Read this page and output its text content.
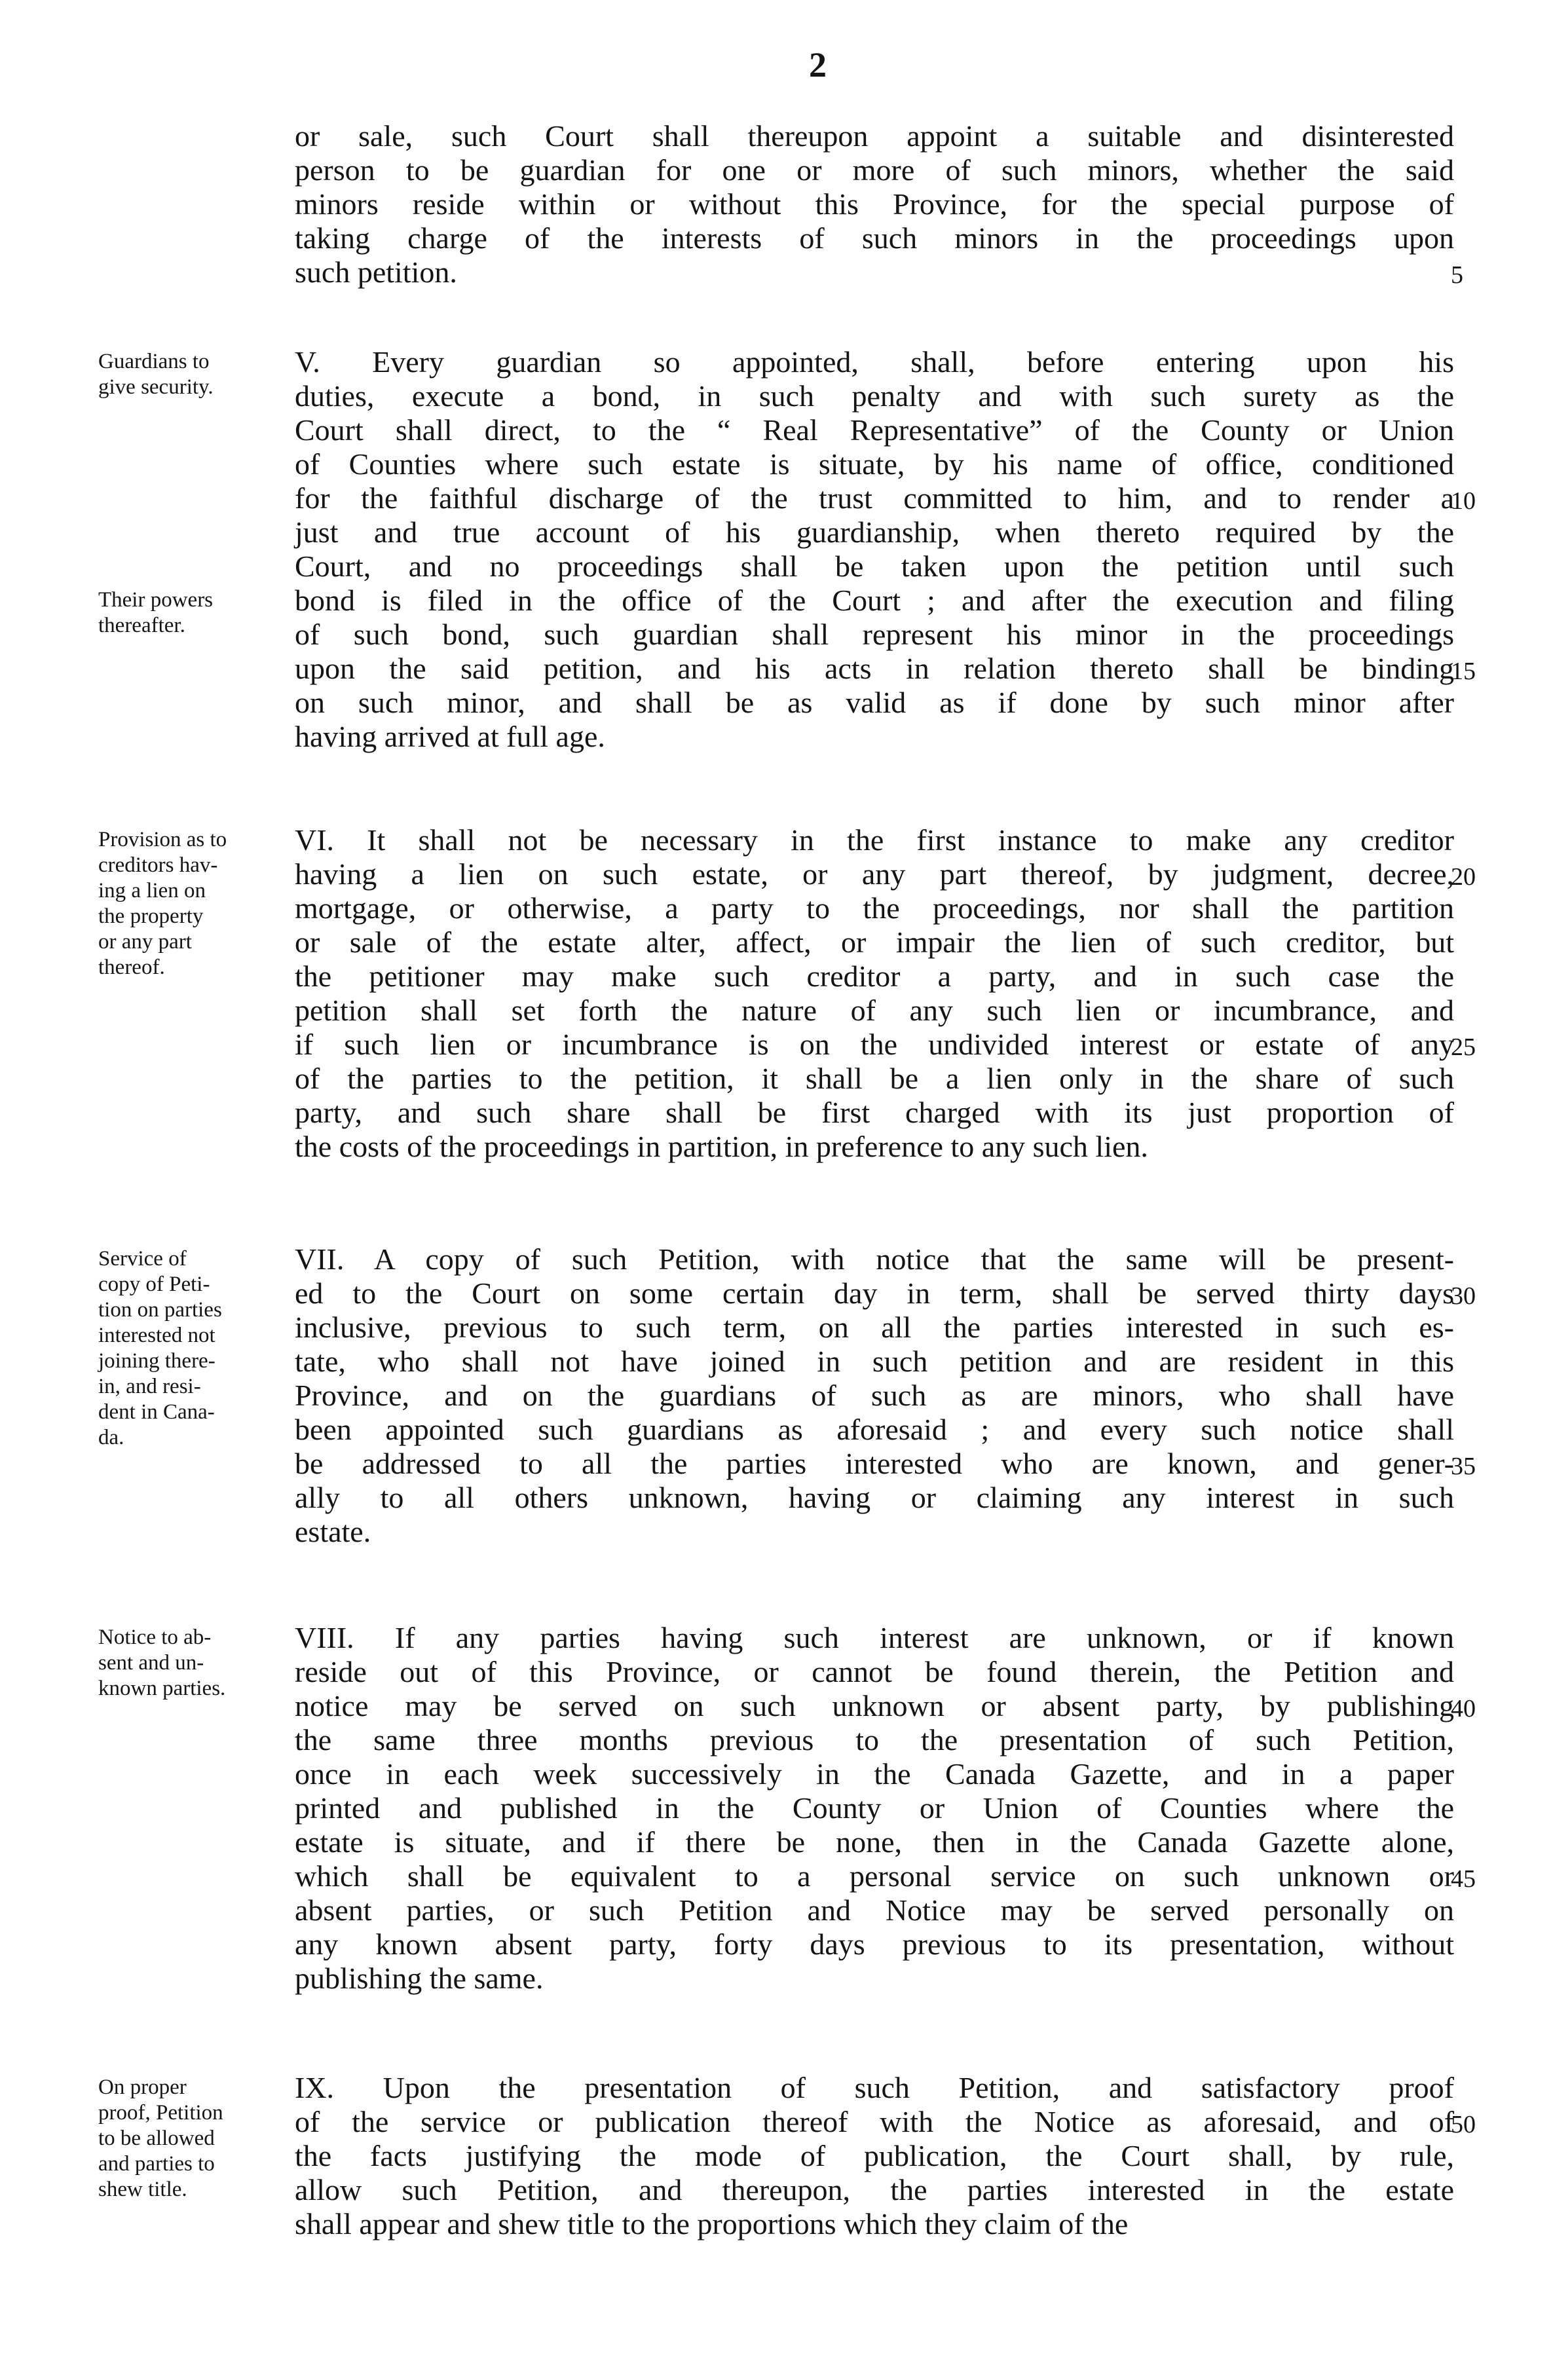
2
or sale, such Court shall thereupon appoint a suitable and disinterested
person to be guardian for one or more of such minors, whether the said
minors reside within or without this Province, for the special purpose of
taking charge of the interests of such minors in the proceedings upon
such petition.	5
Guardians to
give security.
Their powers
thereafter.
V. Every guardian so appointed, shall, before entering upon his
duties, execute a bond, in such penalty and with such surety as the
Court shall direct, to the “ Real Representative” of the County or Union
of Counties where such estate is situate, by his name of office, conditioned
for the faithful discharge of the trust committed to him, and to render a
just and true account of his guardianship, when thereto required by the
Court, and no proceedings shall be taken upon the petition until such
bond is filed in the office of the Court ; and after the execution and filing
of such bond, such guardian shall represent his minor in the proceedings
upon the said petition, and his acts in relation thereto shall be binding
on such minor, and shall be as valid as if done by such minor after
having arrived at full age.
10
15
Provision as to
creditors hav-
ing a lien on
the property
or any part
thereof.
VI. It shall not be necessary in the first instance to make any creditor
having a lien on such estate, or any part thereof, by judgment, decree,
mortgage, or otherwise, a party to the proceedings, nor shall the partition
or sale of the estate alter, affect, or impair the lien of such creditor, but
the petitioner may make such creditor a party, and in such case the
petition shall set forth the nature of any such lien or incumbrance, and
if such lien or incumbrance is on the undivided interest or estate of any
of the parties to the petition, it shall be a lien only in the share of such
party, and such share shall be first charged with its just proportion of
the costs of the proceedings in partition, in preference to any such lien.
20
25
Service of
copy of Peti-
tion on parties
interested not
joining there-
in, and resi-
dent in Cana-
da.
VII. A copy of such Petition, with notice that the same will be present-
ed to the Court on some certain day in term, shall be served thirty days
inclusive, previous to such term, on all the parties interested in such es-
tate, who shall not have joined in such petition and are resident in this
Province, and on the guardians of such as are minors, who shall have
been appointed such guardians as aforesaid ; and every such notice shall
be addressed to all the parties interested who are known, and gener-
ally to all others unknown, having or claiming any interest in such
estate.
30
35
Notice to ab-
sent and un-
known parties.
VIII. If any parties having such interest are unknown, or if known
reside out of this Province, or cannot be found therein, the Petition and
notice may be served on such unknown or absent party, by publishing
the same three months previous to the presentation of such Petition,
once in each week successively in the Canada Gazette, and in a paper
printed and published in the County or Union of Counties where the
estate is situate, and if there be none, then in the Canada Gazette alone,
which shall be equivalent to a personal service on such unknown or
absent parties, or such Petition and Notice may be served personally on
any known absent party, forty days previous to its presentation, without
publishing the same.
40
45
On proper
proof, Petition
to be allowed
and parties to
shew title.
IX. Upon the presentation of such Petition, and satisfactory proof
of the service or publication thereof with the Notice as aforesaid, and of
the facts justifying the mode of publication, the Court shall, by rule,
allow such Petition, and thereupon, the parties interested in the estate
shall appear and shew title to the proportions which they claim of the
50
